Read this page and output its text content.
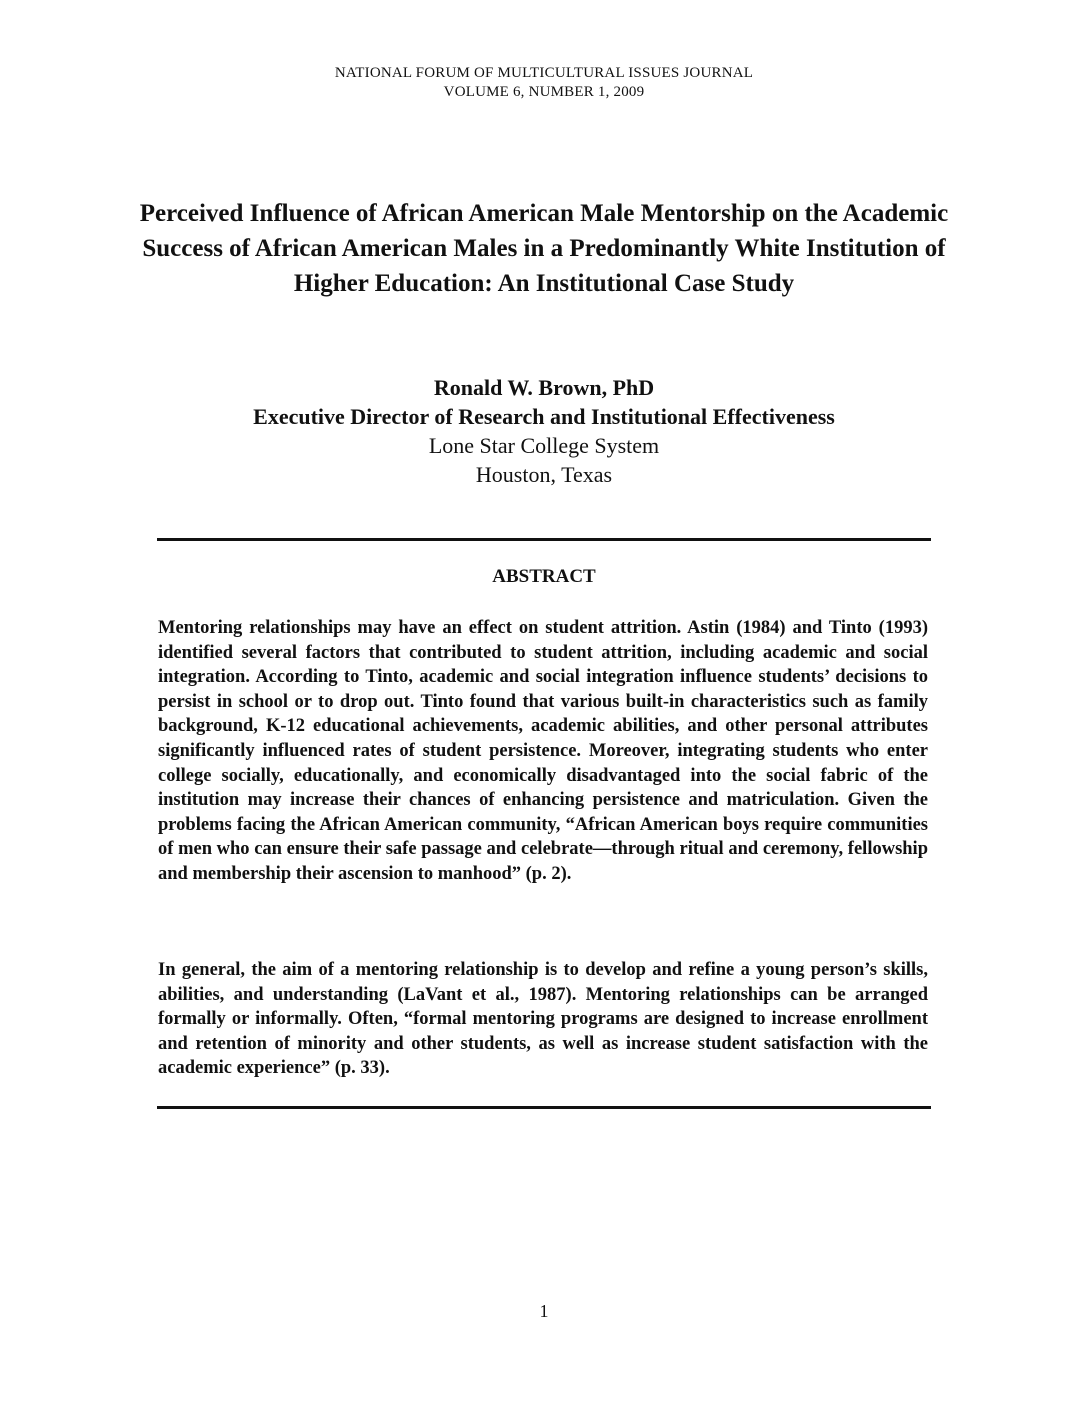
NATIONAL FORUM OF MULTICULTURAL ISSUES JOURNAL
VOLUME 6, NUMBER 1, 2009
Perceived Influence of African American Male Mentorship on the Academic Success of African American Males in a Predominantly White Institution of Higher Education: An Institutional Case Study
Ronald W. Brown, PhD
Executive Director of Research and Institutional Effectiveness
Lone Star College System
Houston, Texas
ABSTRACT

Mentoring relationships may have an effect on student attrition. Astin (1984) and Tinto (1993) identified several factors that contributed to student attrition, including academic and social integration. According to Tinto, academic and social integration influence students’ decisions to persist in school or to drop out. Tinto found that various built-in characteristics such as family background, K-12 educational achievements, academic abilities, and other personal attributes significantly influenced rates of student persistence. Moreover, integrating students who enter college socially, educationally, and economically disadvantaged into the social fabric of the institution may increase their chances of enhancing persistence and matriculation. Given the problems facing the African American community, “African American boys require communities of men who can ensure their safe passage and celebrate—through ritual and ceremony, fellowship and membership their ascension to manhood” (p. 2).

In general, the aim of a mentoring relationship is to develop and refine a young person’s skills, abilities, and understanding (LaVant et al., 1987). Mentoring relationships can be arranged formally or informally. Often, “formal mentoring programs are designed to increase enrollment and retention of minority and other students, as well as increase student satisfaction with the academic experience” (p. 33).

1
